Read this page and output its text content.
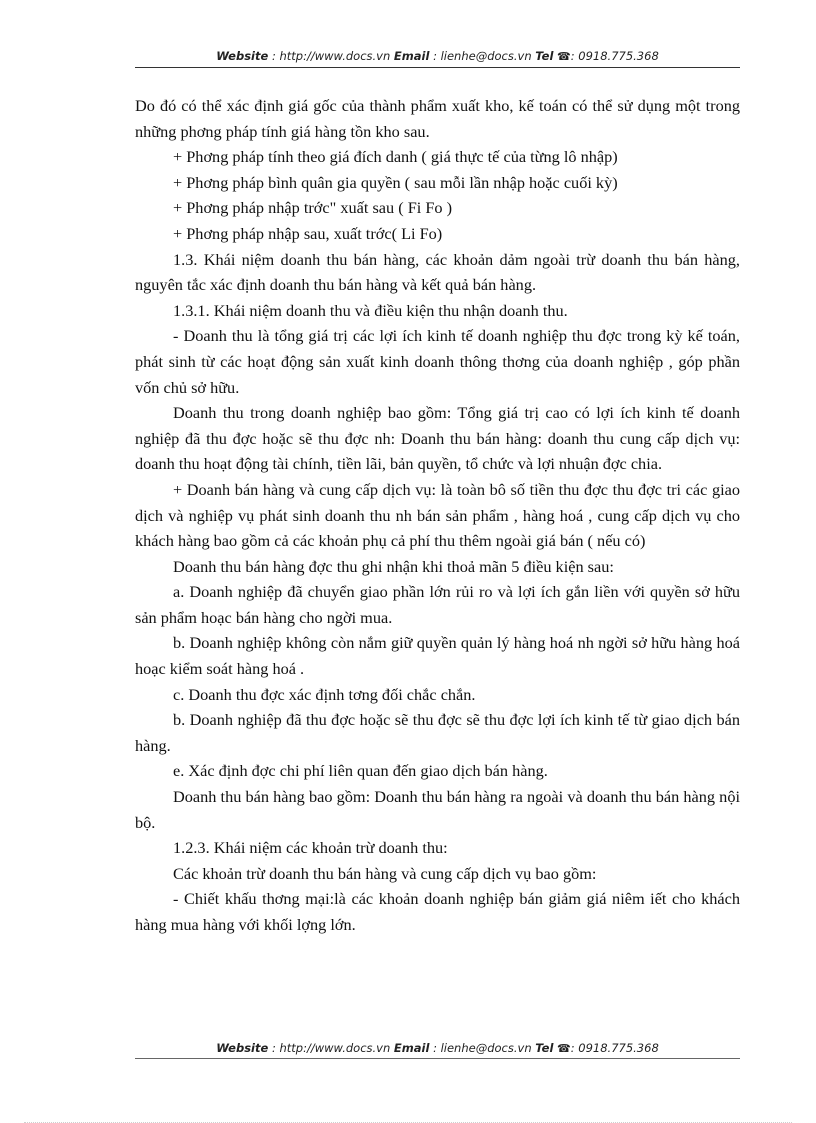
Website : http://www.docs.vn Email : lienhe@docs.vn Tel ☎: 0918.775.368

Do đó có thể xác định giá gốc của thành phẩm xuất kho, kế toán có thể sử dụng một trong những phơng pháp tính giá hàng tồn kho sau.

+ Phơng pháp tính theo giá đích danh ( giá thực tế của từng lô nhập)

+ Phơng pháp bình quân gia quyền ( sau mỗi lần nhập hoặc cuối kỳ)

+ Phơng pháp nhập trớc" xuất sau ( Fi Fo )

+ Phơng pháp nhập sau, xuất trớc( Li Fo)

1.3. Khái niệm doanh thu bán hàng, các khoản dảm ngoài trừ doanh thu bán hàng, nguyên tắc xác định doanh thu bán hàng và kết quả bán hàng.

1.3.1. Khái niệm doanh thu và điều kiện thu nhận doanh thu.

- Doanh thu là tổng giá trị các lợi ích kinh tế doanh nghiệp thu đợc trong kỳ kế toán, phát sinh từ các hoạt động sản xuất kinh doanh thông thơng của doanh nghiệp , góp phần vốn chủ sở hữu.

Doanh thu trong doanh nghiệp bao gồm: Tổng giá trị cao có lợi ích kinh tế doanh nghiệp đã thu đợc hoặc sẽ thu đợc nh: Doanh thu bán hàng: doanh thu cung cấp dịch vụ: doanh thu hoạt động tài chính, tiền lãi, bản quyền, tổ chức và lợi nhuận đợc chia.

+ Doanh bán hàng và cung cấp dịch vụ: là toàn bô số tiền thu đợc thu đợc tri các giao dịch và nghiệp vụ phát sinh doanh thu nh bán sản phẩm , hàng hoá , cung cấp dịch vụ cho khách hàng bao gồm cả các khoản phụ cả phí thu thêm ngoài giá bán ( nếu có)

Doanh thu bán hàng đợc thu ghi nhận khi thoả mãn 5 điều kiện sau:

a. Doanh nghiệp đã chuyển giao phần lớn rủi ro và lợi ích gắn liền với quyền sở hữu sản phẩm hoạc bán hàng cho ngời mua.

b. Doanh nghiệp không còn nắm giữ quyền quản lý hàng hoá nh ngời sở hữu hàng hoá hoạc kiểm soát hàng hoá .

c. Doanh thu đợc xác định tơng đối chắc chắn.

b. Doanh nghiệp đã thu đợc hoặc sẽ thu đợc sẽ thu đợc lợi ích kinh tế từ giao dịch bán hàng.

e. Xác định đợc chi phí liên quan đến giao dịch bán hàng.

Doanh thu bán hàng bao gồm: Doanh thu bán hàng ra ngoài và doanh thu bán hàng nội bộ.

1.2.3. Khái niệm các khoản trừ doanh thu:

Các khoản trừ doanh thu bán hàng và cung cấp dịch vụ bao gồm:

- Chiết khấu thơng mại:là các khoản doanh nghiệp bán giảm giá niêm iết cho khách hàng mua hàng với khối lợng lớn.

Website : http://www.docs.vn Email : lienhe@docs.vn Tel ☎: 0918.775.368
